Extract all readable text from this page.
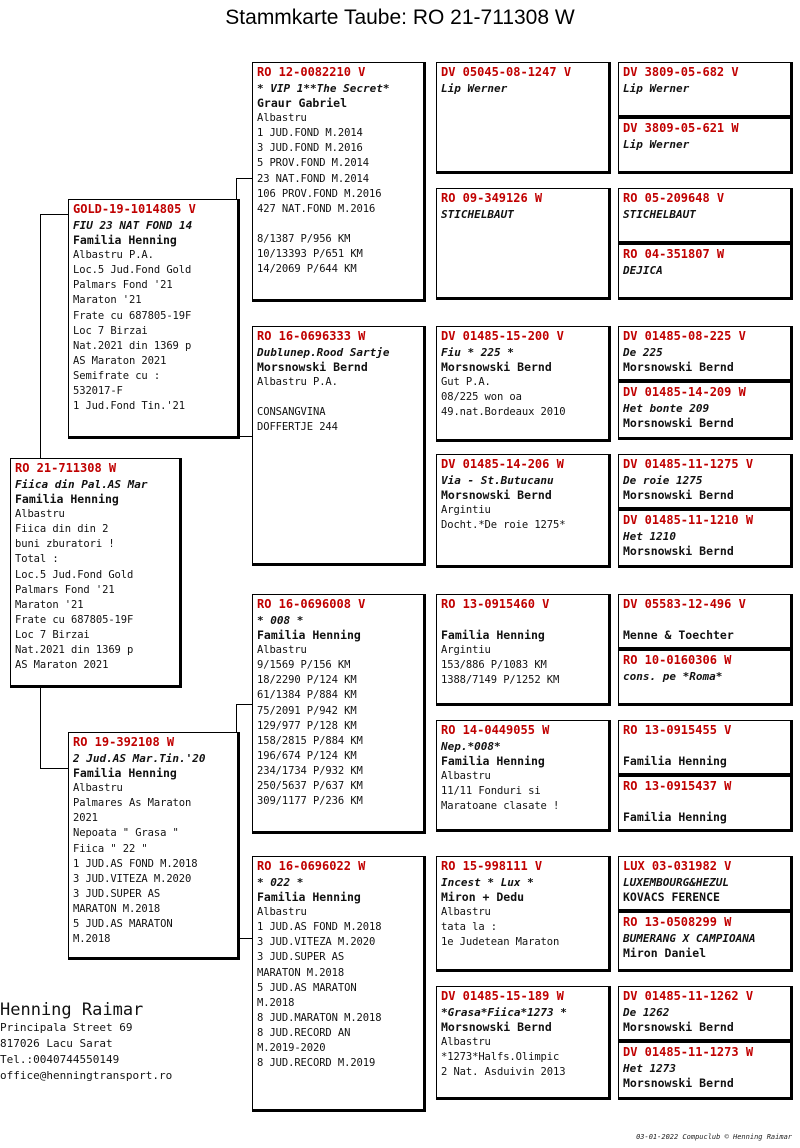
Stammkarte Taube: RO 21-711308 W
RO 21-711308 W
Fiica din Pal.AS Mar
Familia Henning
Albastru
Fiica din din 2
buni zburatori !
Total :
Loc.5 Jud.Fond Gold
Palmars Fond '21
Maraton '21
Frate cu 687805-19F
Loc 7 Birzai
Nat.2021 din 1369 p
AS Maraton 2021
GOLD-19-1014805 V
FIU 23 NAT FOND 14
Familia Henning
Albastru P.A.
Loc.5 Jud.Fond Gold
Palmars Fond '21
Maraton '21
Frate cu 687805-19F
Loc 7 Birzai
Nat.2021 din 1369 p
AS Maraton 2021
Semifrate cu :
532017-F
1 Jud.Fond Tin.'21
RO 19-392108 W
2 Jud.AS Mar.Tin.'20
Familia Henning
Albastru
Palmares As Maraton
2021
Nepoata " Grasa "
Fiica " 22 "
1 JUD.AS FOND M.2018
3 JUD.VITEZA M.2020
3 JUD.SUPER AS
MARATON M.2018
5 JUD.AS MARATON
M.2018
RO 12-0082210 V
* VIP 1**The Secret*
Graur Gabriel
Albastru
1 JUD.FOND M.2014
3 JUD.FOND M.2016
5 PROV.FOND M.2014
23 NAT.FOND M.2014
106 PROV.FOND M.2016
427 NAT.FOND M.2016

8/1387 P/956 KM
10/13393 P/651 KM
14/2069 P/644 KM
RO 16-0696333 W
Dublunep.Rood Sartje
Morsnowski Bernd
Albastru P.A.

CONSANGVINA
DOFFERTJE 244
RO 16-0696008 V
* 008 *
Familia Henning
Albastru
9/1569 P/156 KM
18/2290 P/124 KM
61/1384 P/884 KM
75/2091 P/942 KM
129/977 P/128 KM
158/2815 P/884 KM
196/674 P/124 KM
234/1734 P/932 KM
250/5637 P/637 KM
309/1177 P/236 KM
RO 16-0696022 W
* 022 *
Familia Henning
Albastru
1 JUD.AS FOND M.2018
3 JUD.VITEZA M.2020
3 JUD.SUPER AS
MARATON M.2018
5 JUD.AS MARATON
M.2018
8 JUD.MARATON M.2018
8 JUD.RECORD AN
M.2019-2020
8 JUD.RECORD M.2019
DV 05045-08-1247 V
Lip Werner
RO 09-349126 W
STICHELBAUT
DV 01485-15-200 V
Fiu * 225 *
Morsnowski Bernd
Gut P.A.
08/225 won oa
49.nat.Bordeaux 2010
DV 01485-14-206 W
Via - St.Butucanu
Morsnowski Bernd
Argintiu
Docht.*De roie 1275*
RO 13-0915460 V

Familia Henning
Argintiu
153/886 P/1083 KM
1388/7149 P/1252 KM
RO 14-0449055 W
Nep.*008*
Familia Henning
Albastru
11/11 Fonduri si
Maratoane clasate !
RO 15-998111 V
Incest * Lux *
Miron + Dedu
Albastru
tata la :
1e Judetean Maraton
DV 01485-15-189 W
*Grasa*Fiica*1273 *
Morsnowski Bernd
Albastru
*1273*Halfs.Olimpic
2 Nat. Asduivin 2013
DV 3809-05-682 V
Lip Werner
DV 3809-05-621 W
Lip Werner
RO 05-209648 V
STICHELBAUT
RO 04-351807 W
DEJICA
DV 01485-08-225 V
De 225
Morsnowski Bernd
DV 01485-14-209 W
Het bonte 209
Morsnowski Bernd
DV 01485-11-1275 V
De roie 1275
Morsnowski Bernd
DV 01485-11-1210 W
Het 1210
Morsnowski Bernd
DV 05583-12-496 V

Menne & Toechter
RO 10-0160306 W
cons. pe *Roma*
RO 13-0915455 V

Familia Henning
RO 13-0915437 W

Familia Henning
LUX 03-031982 V
LUXEMBOURG&HEZUL
KOVACS FERENCE
RO 13-0508299 W
BUMERANG X CAMPIOANA
Miron Daniel
DV 01485-11-1262 V
De 1262
Morsnowski Bernd
DV 01485-11-1273 W
Het 1273
Morsnowski Bernd
Henning Raimar
Principala Street 69
817026 Lacu Sarat
Tel.:0040744550149
office@henningtransport.ro
03-01-2022 Compuclub © Henning Raimar
